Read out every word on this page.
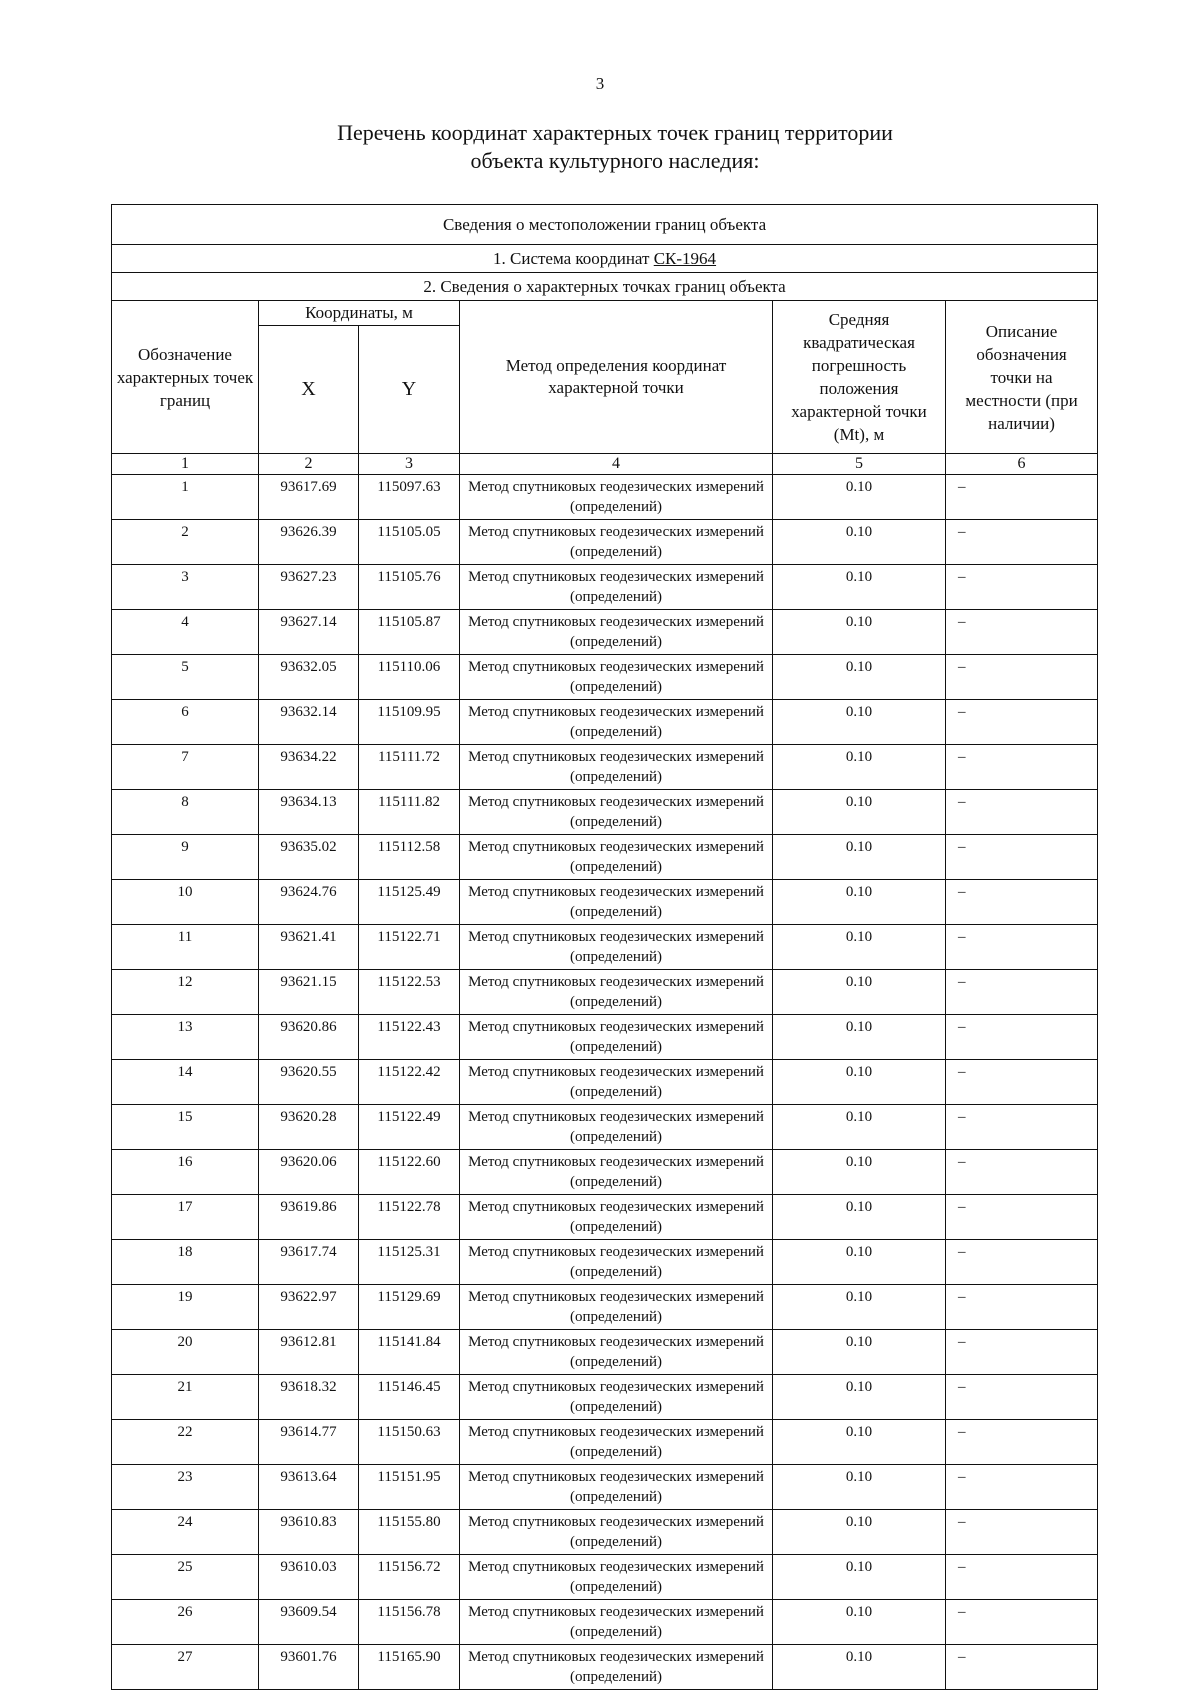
3
Перечень координат характерных точек границ территории
объекта культурного наследия:
Сведения о местоположении границ объекта					
1. Система координат СК-1964					
2. Сведения о характерных точках границ объекта					
Обозначение характерных точек границ	Координаты, м		Метод определения координат характерной точки	Средняя квадратическая погрешность положения характерной точки (Mt), м	Описание обозначения точки на местности (при наличии)
	X	Y			
1	2	3	4	5	6
1	93617.69	115097.63	Метод спутниковых геодезических измерений (определений)	0.10	–
2	93626.39	115105.05	Метод спутниковых геодезических измерений (определений)	0.10	–
3	93627.23	115105.76	Метод спутниковых геодезических измерений (определений)	0.10	–
4	93627.14	115105.87	Метод спутниковых геодезических измерений (определений)	0.10	–
5	93632.05	115110.06	Метод спутниковых геодезических измерений (определений)	0.10	–
6	93632.14	115109.95	Метод спутниковых геодезических измерений (определений)	0.10	–
7	93634.22	115111.72	Метод спутниковых геодезических измерений (определений)	0.10	–
8	93634.13	115111.82	Метод спутниковых геодезических измерений (определений)	0.10	–
9	93635.02	115112.58	Метод спутниковых геодезических измерений (определений)	0.10	–
10	93624.76	115125.49	Метод спутниковых геодезических измерений (определений)	0.10	–
11	93621.41	115122.71	Метод спутниковых геодезических измерений (определений)	0.10	–
12	93621.15	115122.53	Метод спутниковых геодезических измерений (определений)	0.10	–
13	93620.86	115122.43	Метод спутниковых геодезических измерений (определений)	0.10	–
14	93620.55	115122.42	Метод спутниковых геодезических измерений (определений)	0.10	–
15	93620.28	115122.49	Метод спутниковых геодезических измерений (определений)	0.10	–
16	93620.06	115122.60	Метод спутниковых геодезических измерений (определений)	0.10	–
17	93619.86	115122.78	Метод спутниковых геодезических измерений (определений)	0.10	–
18	93617.74	115125.31	Метод спутниковых геодезических измерений (определений)	0.10	–
19	93622.97	115129.69	Метод спутниковых геодезических измерений (определений)	0.10	–
20	93612.81	115141.84	Метод спутниковых геодезических измерений (определений)	0.10	–
21	93618.32	115146.45	Метод спутниковых геодезических измерений (определений)	0.10	–
22	93614.77	115150.63	Метод спутниковых геодезических измерений (определений)	0.10	–
23	93613.64	115151.95	Метод спутниковых геодезических измерений (определений)	0.10	–
24	93610.83	115155.80	Метод спутниковых геодезических измерений (определений)	0.10	–
25	93610.03	115156.72	Метод спутниковых геодезических измерений (определений)	0.10	–
26	93609.54	115156.78	Метод спутниковых геодезических измерений (определений)	0.10	–
27	93601.76	115165.90	Метод спутниковых геодезических измерений (определений)	0.10	–
